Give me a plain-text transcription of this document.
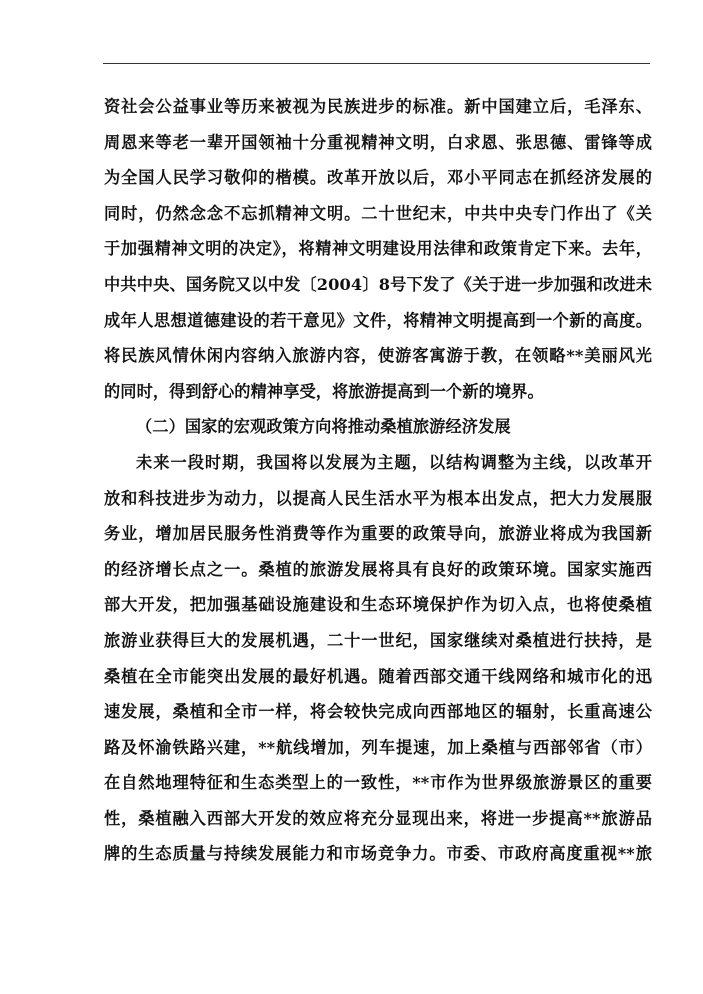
资社会公益事业等历来被视为民族进步的标准。新中国建立后，毛泽东、
周恩来等老一辈开国领袖十分重视精神文明，白求恩、张思德、雷锋等成
为全国人民学习敬仰的楷模。改革开放以后，邓小平同志在抓经济发展的
同时，仍然念念不忘抓精神文明。二十世纪末，中共中央专门作出了《关
于加强精神文明的决定》，将精神文明建设用法律和政策肯定下来。去年，
中共中央、国务院又以中发〔2004〕8号下发了《关于进一步加强和改进未
成年人思想道德建设的若干意见》文件，将精神文明提高到一个新的高度。
将民族风情休闲内容纳入旅游内容，使游客寓游于教，在领略**美丽风光
的同时，得到舒心的精神享受，将旅游提高到一个新的境界。
（二）国家的宏观政策方向将推动桑植旅游经济发展
未来一段时期，我国将以发展为主题，以结构调整为主线，以改革开
放和科技进步为动力，以提高人民生活水平为根本出发点，把大力发展服
务业，增加居民服务性消费等作为重要的政策导向，旅游业将成为我国新
的经济增长点之一。桑植的旅游发展将具有良好的政策环境。国家实施西
部大开发，把加强基础设施建设和生态环境保护作为切入点，也将使桑植
旅游业获得巨大的发展机遇，二十一世纪，国家继续对桑植进行扶持，是
桑植在全市能突出发展的最好机遇。随着西部交通干线网络和城市化的迅
速发展，桑植和全市一样，将会较快完成向西部地区的辐射，长重高速公
路及怀渝铁路兴建，**航线增加，列车提速，加上桑植与西部邻省（市）
在自然地理特征和生态类型上的一致性，**市作为世界级旅游景区的重要
性，桑植融入西部大开发的效应将充分显现出来，将进一步提高**旅游品
牌的生态质量与持续发展能力和市场竞争力。市委、市政府高度重视**旅
